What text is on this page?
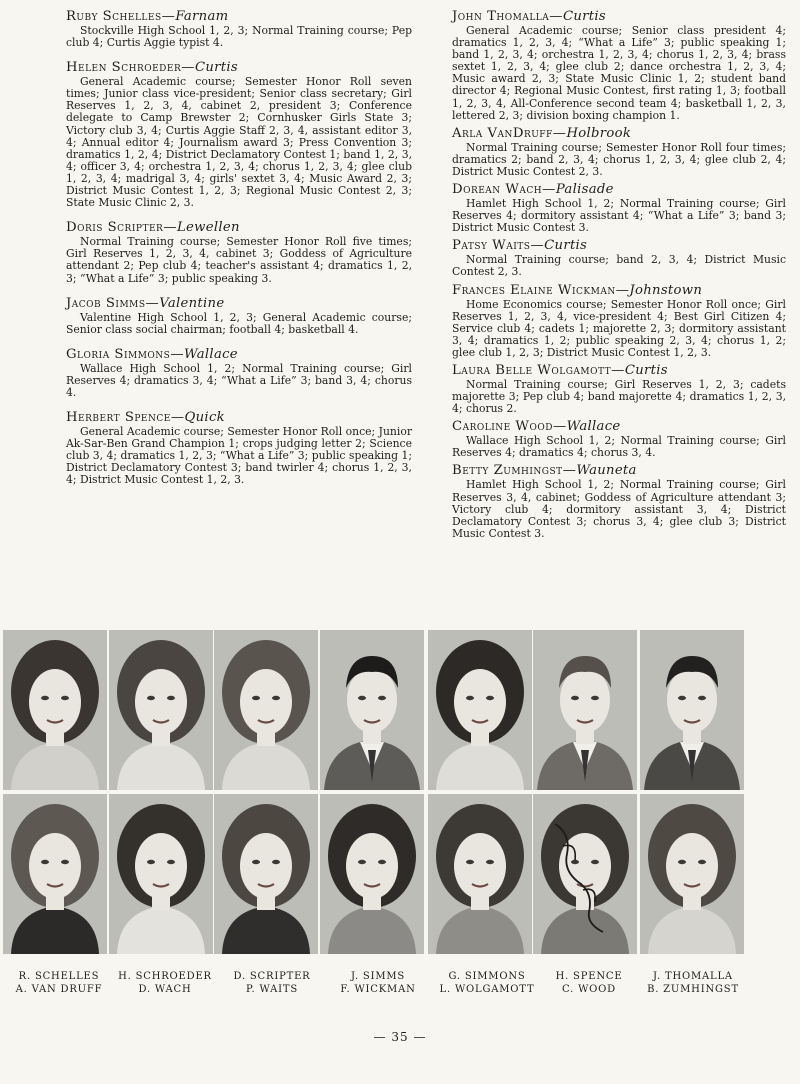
Ruby Schelles—Farnam

Stockville High School 1, 2, 3; Normal Training course; Pep club 4; Curtis Aggie typist 4.

Helen Schroeder—Curtis

General Academic course; Semester Honor Roll seven times; Junior class vice-president; Senior class secretary; Girl Reserves 1, 2, 3, 4, cabinet 2, president 3; Conference delegate to Camp Brewster 2; Cornhusker Girls State 3; Victory club 3, 4; Curtis Aggie Staff 2, 3, 4, assistant editor 3, 4; Annual editor 4; Journalism award 3; Press Convention 3; dramatics 1, 2, 4; District Declamatory Contest 1; band 1, 2, 3, 4; officer 3, 4; orchestra 1, 2, 3, 4; chorus 1, 2, 3, 4; glee club 1, 2, 3, 4; madrigal 3, 4; girls' sextet 3, 4; Music Award 2, 3; District Music Contest 1, 2, 3; Regional Music Contest 2, 3; State Music Clinic 2, 3.

Doris Scripter—Lewellen

Normal Training course; Semester Honor Roll five times; Girl Reserves 1, 2, 3, 4, cabinet 3; Goddess of Agriculture attendant 2; Pep club 4; teacher's assistant 4; dramatics 1, 2, 3; “What a Life” 3; public speaking 3.

Jacob Simms—Valentine

Valentine High School 1, 2, 3; General Academic course; Senior class social chairman; football 4; basketball 4.

Gloria Simmons—Wallace

Wallace High School 1, 2; Normal Training course; Girl Reserves 4; dramatics 3, 4; “What a Life” 3; band 3, 4; chorus 4.

Herbert Spence—Quick

General Academic course; Semester Honor Roll once; Junior Ak-Sar-Ben Grand Champion 1; crops judging letter 2; Science club 3, 4; dramatics 1, 2, 3; “What a Life” 3; public speaking 1; District Declamatory Contest 3; band twirler 4; chorus 1, 2, 3, 4; District Music Contest 1, 2, 3.

John Thomalla—Curtis

General Academic course; Senior class president 4; dramatics 1, 2, 3, 4; “What a Life” 3; public speaking 1; band 1, 2, 3, 4; orchestra 1, 2, 3, 4; chorus 1, 2, 3, 4; brass sextet 1, 2, 3, 4; glee club 2; dance orchestra 1, 2, 3, 4; Music award 2, 3; State Music Clinic 1, 2; student band director 4; Regional Music Contest, first rating 1, 3; football 1, 2, 3, 4, All-Conference second team 4; basketball 1, 2, 3, lettered 2, 3; division boxing champion 1.

Arla VanDruff—Holbrook

Normal Training course; Semester Honor Roll four times; dramatics 2; band 2, 3, 4; chorus 1, 2, 3, 4; glee club 2, 4; District Music Contest 2, 3.

Dorean Wach—Palisade

Hamlet High School 1, 2; Normal Training course; Girl Reserves 4; dormitory assistant 4; “What a Life” 3; band 3; District Music Contest 3.

Patsy Waits—Curtis

Normal Training course; band 2, 3, 4; District Music Contest 2, 3.

Frances Elaine Wickman—Johnstown

Home Economics course; Semester Honor Roll once; Girl Reserves 1, 2, 3, 4, vice-president 4; Best Girl Citizen 4; Service club 4; cadets 1; majorette 2, 3; dormitory assistant 3, 4; dramatics 1, 2; public speaking 2, 3, 4; chorus 1, 2; glee club 1, 2, 3; District Music Contest 1, 2, 3.

Laura Belle Wolgamott—Curtis

Normal Training course; Girl Reserves 1, 2, 3; cadets majorette 3; Pep club 4; band majorette 4; dramatics 1, 2, 3, 4; chorus 2.

Caroline Wood—Wallace

Wallace High School 1, 2; Normal Training course; Girl Reserves 4; dramatics 4; chorus 3, 4.

Betty Zumhingst—Wauneta

Hamlet High School 1, 2; Normal Training course; Girl Reserves 3, 4, cabinet; Goddess of Agriculture attendant 3; Victory club 4; dormitory assistant 3, 4; District Declamatory Contest 3; chorus 3, 4; glee club 3; District Music Contest 3.

R. SCHELLES
A. VAN DRUFF
H. SCHROEDER
D. WACH
D. SCRIPTER
P. WAITS
J. SIMMS
F. WICKMAN
G. SIMMONS
L. WOLGAMOTT
H. SPENCE
C. WOOD
J. THOMALLA
B. ZUMHINGST
— 35 —
